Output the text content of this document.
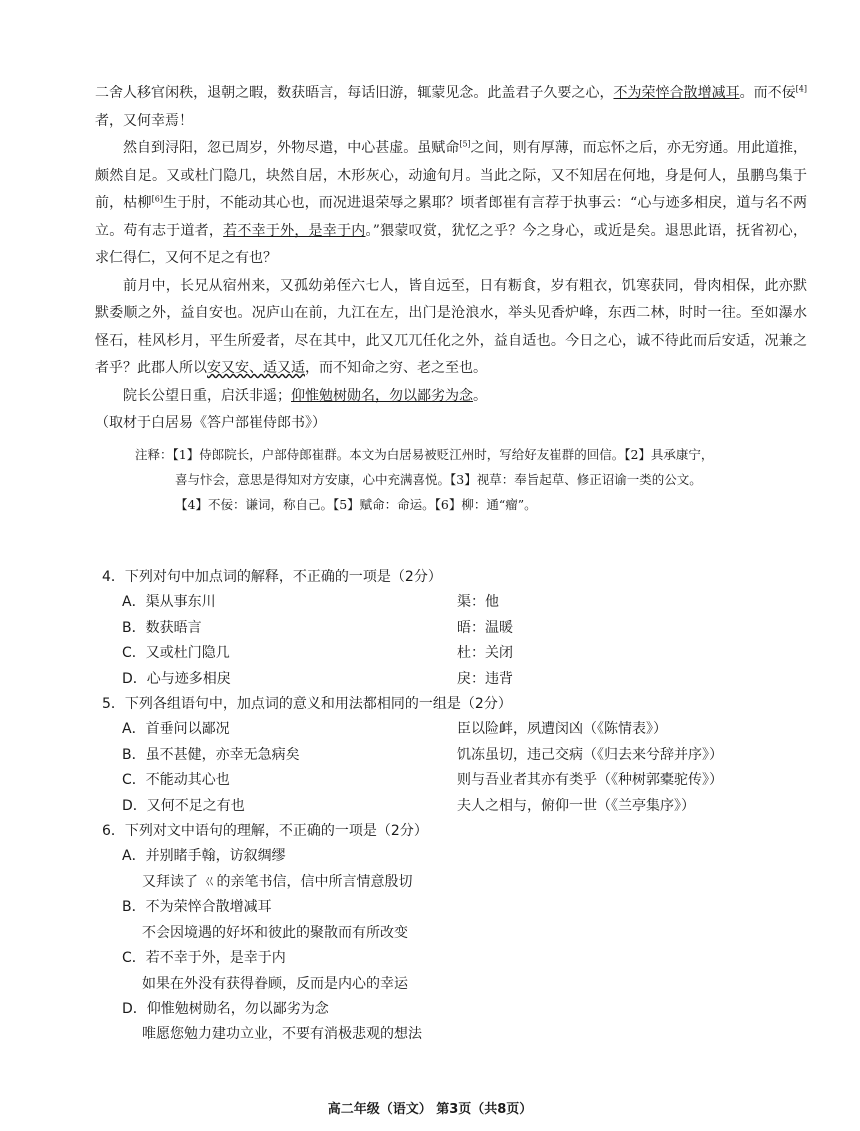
二舍人移官闲秩，退朝之暇，数获晤言，每话旧游，辄蒙见念。此盖君子久要之心，不为荣悴合散增减耳。而不佞[4]者，又何幸焉！

然自到浔阳，忽已周岁，外物尽遣，中心甚虚。虽赋命[5]之间，则有厚薄，而忘怀之后，亦无穷通。用此道推，颇然自足。又或杜门隐几，块然自居，木形灰心，动逾旬月。当此之际，又不知居在何地，身是何人，虽鹏鸟集于前，枯柳[6]生于肘，不能动其心也，而况进退荣辱之累耶？顷者郎崔有言荐于执事云：“心与迹多相戾，道与名不两立。苟有志于道者，若不幸于外，是幸于内。”猥蒙叹赏，犹忆之乎？今之身心，或近是矣。退思此语，抚省初心，求仁得仁，又何不足之有也？

前月中，长兄从宿州来，又孤幼弟侄六七人，皆自远至，日有粝食，岁有粗衣，饥寒获同，骨肉相保，此亦默默委顺之外，益自安也。况庐山在前，九江在左，出门是沧浪水，举头见香炉峰，东西二林，时时一往。至如瀑水怪石，桂风杉月，平生所爱者，尽在其中，此又兀兀任化之外，益自适也。今日之心，诚不待此而后安适，况兼之者乎？此郡人所以安又安、适又适，而不知命之穷、老之至也。

院长公望日重，启沃非遥；仰惟勉树勋名，勿以鄙劣为念。

（取材于白居易《答户部崔侍郎书》）

注释：【1】侍郎院长，户部侍郎崔群。本文为白居易被贬江州时，写给好友崔群的回信。【2】具承康宁，
喜与忭会，意思是得知对方安康，心中充满喜悦。【3】视草：奉旨起草、修正诏谕一类的公文。
【4】不佞：谦词，称自己。【5】赋命：命运。【6】柳：通“瘤”。

4．下列对句中加点词的解释，不正确的一项是（2分）

A．渠从事东川	渠：他
B．数获晤言	晤：温暖
C．又或杜门隐几	杜：关闭
D．心与迹多相戾	戾：违背

5．下列各组语句中，加点词的意义和用法都相同的一组是（2分）

A．首垂问以鄙况	臣以险衅，夙遭闵凶（《陈情表》）
B．虽不甚健，亦幸无急病矣	饥冻虽切，违己交病（《归去来兮辞并序》）
C．不能动其心也	则与吾业者其亦有类乎（《种树郭橐驼传》）
D．又何不足之有也	夫人之相与，俯仰一世（《兰亭集序》）

6．下列对文中语句的理解，不正确的一项是（2分）

A．并别睹手翰，访叙绸缪
又拜读了 ㄍ的亲笔书信，信中所言情意殷切
B．不为荣悴合散增减耳
不会因境遇的好坏和彼此的聚散而有所改变
C．若不幸于外，是幸于内
如果在外没有获得眷顾，反而是内心的幸运
D．仰惟勉树勋名，勿以鄙劣为念
唯愿您勉力建功立业，不要有消极悲观的想法
高二年级（语文） 第3页（共8页）
